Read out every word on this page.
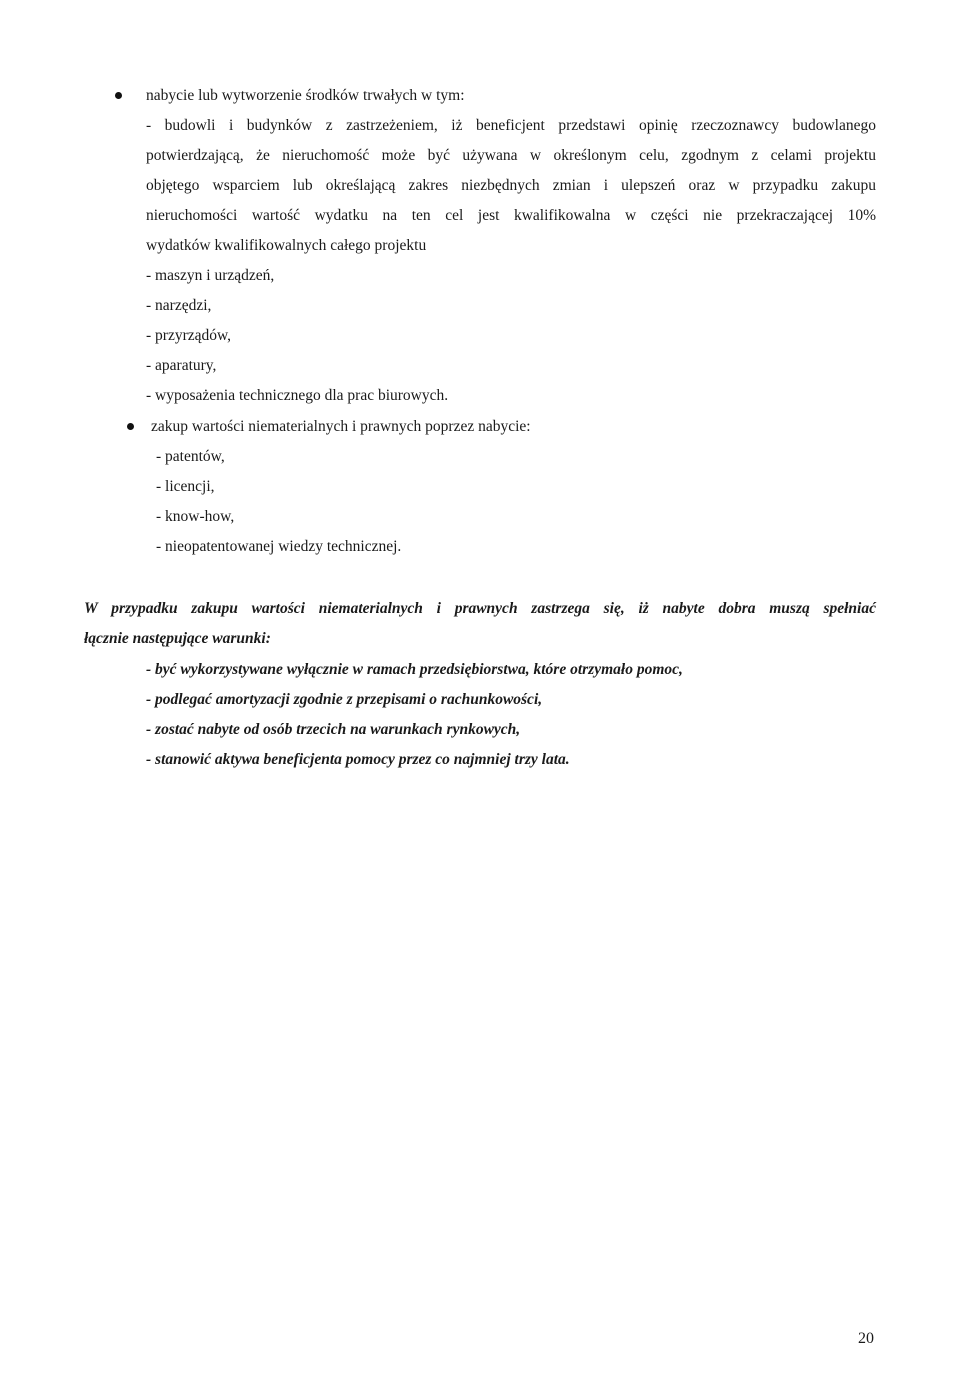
nabycie lub wytworzenie środków trwałych w tym:
- budowli i budynków z zastrzeżeniem, iż beneficjent przedstawi opinię rzeczoznawcy budowlanego
potwierdzającą, że nieruchomość może być używana w określonym celu, zgodnym z celami projektu
objętego wsparciem lub określającą zakres niezbędnych zmian i ulepszeń oraz w przypadku zakupu
nieruchomości wartość wydatku na ten cel jest kwalifikowalna w części nie przekraczającej 10%
wydatków kwalifikowalnych całego projektu
- maszyn i urządzeń,
- narzędzi,
- przyrządów,
- aparatury,
- wyposażenia technicznego dla prac biurowych.
zakup wartości niematerialnych i prawnych poprzez nabycie:
- patentów,
- licencji,
- know-how,
- nieopatentowanej wiedzy technicznej.
W przypadku zakupu wartości niematerialnych i prawnych zastrzega się, iż nabyte dobra muszą spełniać
łącznie następujące warunki:
- być wykorzystywane wyłącznie w ramach przedsiębiorstwa, które otrzymało pomoc,
- podlegać amortyzacji zgodnie z przepisami o rachunkowości,
- zostać nabyte od osób trzecich na warunkach rynkowych,
- stanowić aktywa beneficjenta pomocy przez co najmniej trzy lata.
20
